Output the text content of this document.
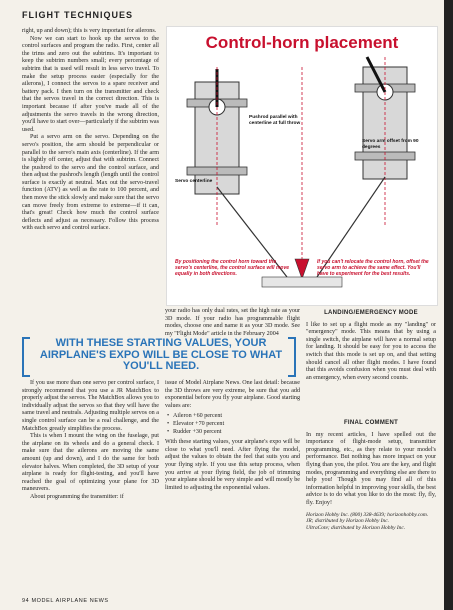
FLIGHT TECHNIQUES

right, up and down); this is very important for ailerons.

Now we can start to hook up the servos to the control surfaces and program the radio. First, center all the trims and zero out the subtrims. It's important to keep the subtrim numbers small; every percentage of subtrim that is used will result in less servo travel. To make the setup process easier (especially for the ailerons), I connect the servos to a spare receiver and battery pack. I then turn on the transmitter and check that the servos travel in the correct direction. This is important because if after you've made all of the adjustments the servo travels in the wrong direction, you'll have to start over—particularly if the subtrim was used.

Put a servo arm on the servo. Depending on the servo's position, the arm should be perpendicular or parallel to the servo's main axis (centerline). If the arm is slightly off center, adjust that with subtrim. Connect the pushrod to the servo and the control surface, and then adjust the pushrod's length (length until the control surface is exactly at neutral. Max out the servo-travel function (ATV) as well as the rate to 100 percent, and then move the stick slowly and make sure that the servo can move freely from extreme to extreme—if it can, that's great! Check how much the control surface deflects and adjust as necessary. Follow this process with each servo and control surface.

Control-horn placement
Pushrod parallel with centerline at full throw
Servo arm offset from 90 degrees
Servo centerline
By positioning the control horn toward the servo's centerline, the control surface will move equally in both directions.
If you can't relocate the control horn, offset the servo arm to achieve the same effect. You'll have to experiment for the best results.

your radio has only dual rates, set the high rate as your 3D mode. If your radio has programmable flight modes, choose one and name it as your 3D mode. See my "Flight Mode" article in the February 2004

LANDING/EMERGENCY MODE

I like to set up a flight mode as my "landing" or "emergency" mode. This means that by using a single switch, the airplane will have a normal setup for landing. It should be easy for you to access the switch that this mode is set up on, and that setting should cancel all other flight modes. I have found that this avoids confusion when you must deal with an emergency, when every second counts.

WITH THESE STARTING VALUES, YOUR AIRPLANE'S EXPO WILL BE CLOSE TO WHAT YOU'LL NEED.

If you use more than one servo per control surface, I strongly recommend that you use a JR MatchBox to properly adjust the servos. The MatchBox allows you to individually adjust the servos so that they will have the same travel and neutrals. Adjusting multiple servos on a single control surface can be a real challenge, and the MatchBox greatly simplifies the process.

This is when I mount the wing on the fuselage, put the airplane on its wheels and do a general check. I make sure that the ailerons are moving the same amount (up and down), and I do the same for both elevator halves. When completed, the 3D setup of your airplane is ready for flight-testing, and you'll have reached the goal of optimizing your plane for 3D maneuvers.

About programming the transmitter: if

issue of Model Airplane News. One last detail: because the 3D throws are very extreme, be sure that you add exponential before you fly your airplane. Good starting values are:

• Aileron +60 percent
• Elevator +70 percent
• Rudder +30 percent

With these starting values, your airplane's expo will be close to what you'll need. After flying the model, adjust the values to obtain the feel that suits you and your flying style. If you use this setup process, when you arrive at your flying field, the job of trimming your airplane should be very simple and will mostly be limited to adjusting the exponential values.

FINAL COMMENT

In my recent articles, I have spelled out the importance of flight-mode setup, transmitter programming, etc., as they relate to your model's performance. But nothing has more impact on your flying than you, the pilot. You are the key, and flight modes, programming and everything else are there to help you! Though you may find all of this information helpful in improving your skills, the best advice is to do what you like to do the most: fly, fly, fly. Enjoy!

Horizon Hobby Inc. (800) 338-4639; horizonhobby.com.

JR; distributed by Horizon Hobby Inc.

UltraCote; distributed by Horizon Hobby Inc.

94 MODEL AIRPLANE NEWS
